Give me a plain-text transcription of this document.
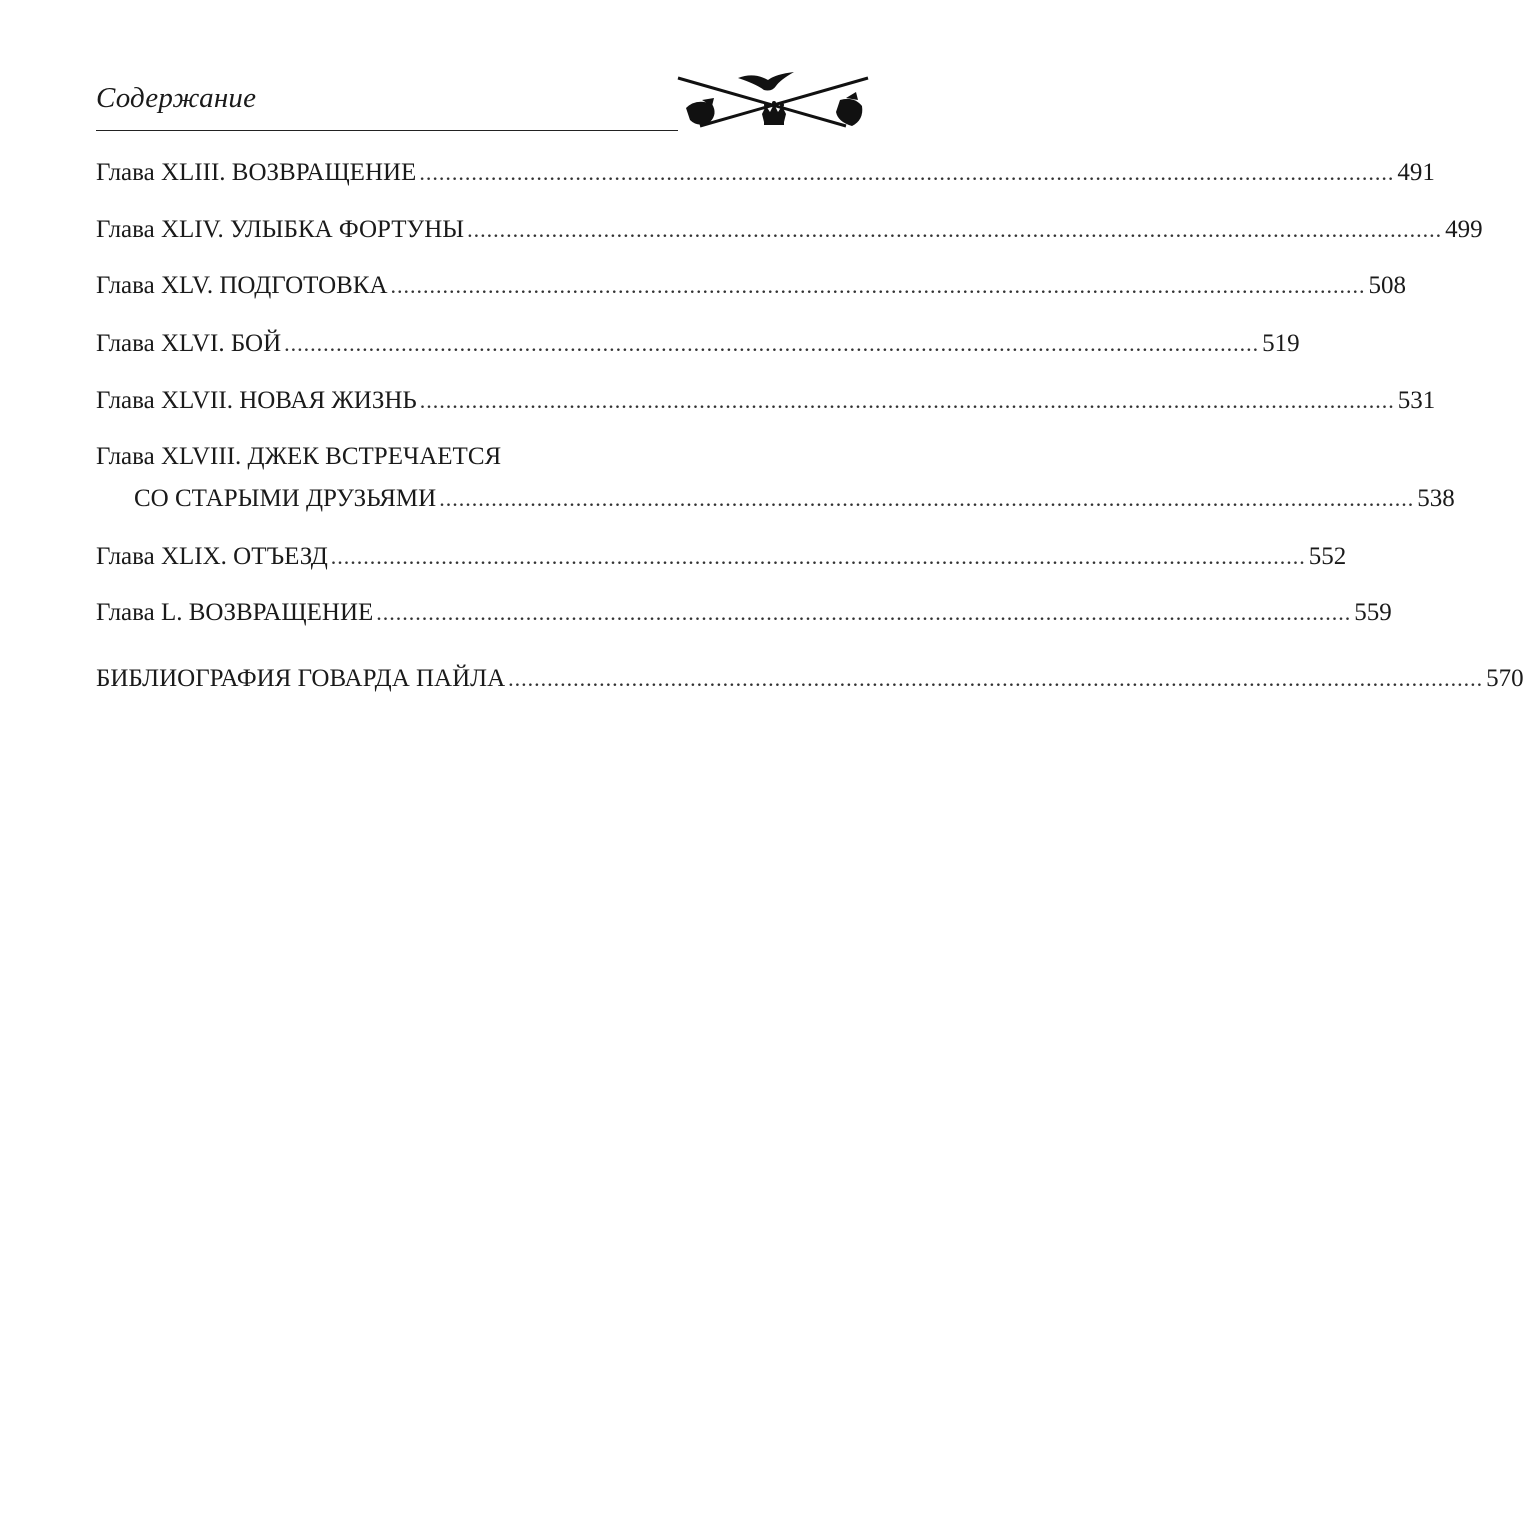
Содержание
Глава XLIII. ВОЗВРАЩЕНИЕ ...................................................................................................................................................... 491
Глава XLIV. УЛЫБКА ФОРТУНЫ ...................................................................................................................................................... 499
Глава XLV. ПОДГОТОВКА ...................................................................................................................................................... 508
Глава XLVI. БОЙ ...................................................................................................................................................... 519
Глава XLVII. НОВАЯ ЖИЗНЬ ...................................................................................................................................................... 531
Глава XLVIII. ДЖЕК ВСТРЕЧАЕТСЯ
СО СТАРЫМИ ДРУЗЬЯМИ ...................................................................................................................................................... 538
Глава XLIX. ОТЪЕЗД ...................................................................................................................................................... 552
Глава L. ВОЗВРАЩЕНИЕ ...................................................................................................................................................... 559
БИБЛИОГРАФИЯ ГОВАРДА ПАЙЛА ...................................................................................................................................................... 570
